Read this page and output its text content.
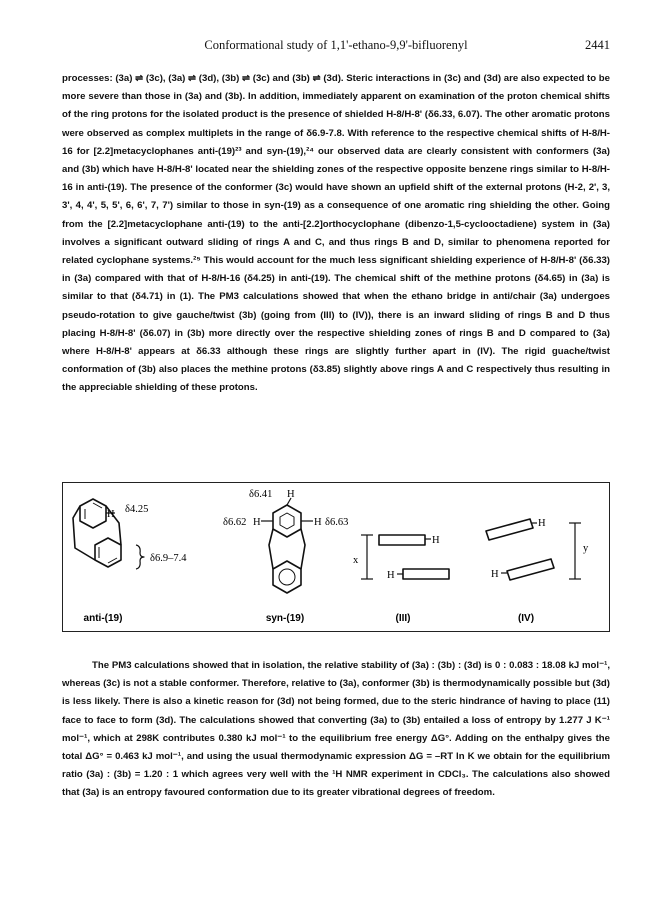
Conformational study of 1,1'-ethano-9,9'-bifluorenyl	2441
processes: (3a) ⇌ (3c), (3a) ⇌ (3d), (3b) ⇌ (3c) and (3b) ⇌ (3d). Steric interactions in (3c) and (3d) are also expected to be more severe than those in (3a) and (3b). In addition, immediately apparent on examination of the proton chemical shifts of the ring protons for the isolated product is the presence of shielded H-8/H-8' (δ6.33, 6.07). The other aromatic protons were observed as complex multiplets in the range of δ6.9-7.8. With reference to the respective chemical shifts of H-8/H-16 for [2.2]metacyclophanes anti-(19)²³ and syn-(19),²⁴ our observed data are clearly consistent with conformers (3a) and (3b) which have H-8/H-8' located near the shielding zones of the respective opposite benzene rings similar to H-8/H-16 in anti-(19). The presence of the conformer (3c) would have shown an upfield shift of the external protons (H-2, 2', 3, 3', 4, 4', 5, 5', 6, 6', 7, 7') similar to those in syn-(19) as a consequence of one aromatic ring shielding the other. Going from the [2.2]metacyclophane anti-(19) to the anti-[2.2]orthocyclophane (dibenzo-1,5-cyclooctadiene) system in (3a) involves a significant outward sliding of rings A and C, and thus rings B and D, similar to phenomena reported for related cyclophane systems.²⁵ This would account for the much less significant shielding experience of H-8/H-8' (δ6.33) in (3a) compared with that of H-8/H-16 (δ4.25) in anti-(19). The chemical shift of the methine protons (δ4.65) in (3a) is similar to that (δ4.71) in (1). The PM3 calculations showed that when the ethano bridge in anti/chair (3a) undergoes pseudo-rotation to give gauche/twist (3b) (going from (III) to (IV)), there is an inward sliding of rings B and D thus placing H-8/H-8' (δ6.07) in (3b) more directly over the respective shielding zones of rings B and D compared to (3a) where H-8/H-8' appears at δ6.33 although these rings are slightly further apart in (IV). The rigid guache/twist conformation of (3b) also places the methine protons (δ3.85) slightly above rings A and C respectively thus resulting in the appreciable shielding of these protons.
H δ4.25
δ6.9–7.4
δ6.41 H
δ6.62 H	H δ6.63
H
H
x
H
H
y
anti-(19)	syn-(19)	(III)	(IV)
The PM3 calculations showed that in isolation, the relative stability of (3a) : (3b) : (3d) is 0 : 0.083 : 18.08 kJ mol⁻¹, whereas (3c) is not a stable conformer. Therefore, relative to (3a), conformer (3b) is thermodynamically possible but (3d) is less likely. There is also a kinetic reason for (3d) not being formed, due to the steric hindrance of having to place (11) face to face to form (3d). The calculations showed that converting (3a) to (3b) entailed a loss of entropy by 1.277 J K⁻¹ mol⁻¹, which at 298K contributes 0.380 kJ mol⁻¹ to the equilibrium free energy ΔG°. Adding on the enthalpy gives the total ΔG° = 0.463 kJ mol⁻¹, and using the usual thermodynamic expression ΔG = –RT ln K we obtain for the equilibrium ratio (3a) : (3b) = 1.20 : 1 which agrees very well with the ¹H NMR experiment in CDCl₃. The calculations also showed that (3a) is an entropy favoured conformation due to its greater vibrational degrees of freedom.
